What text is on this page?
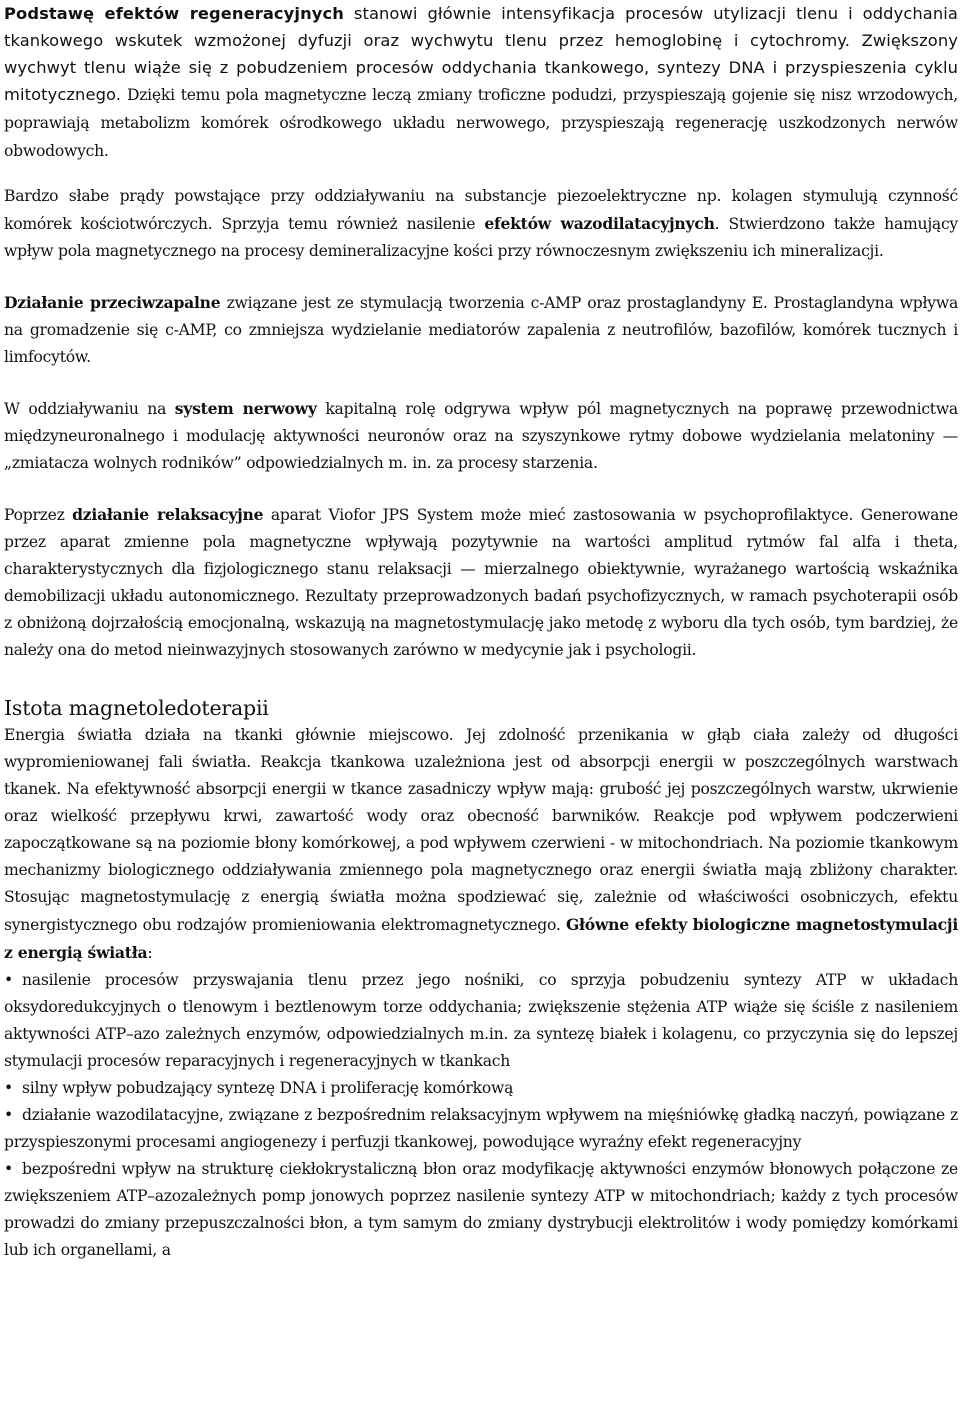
Podstawę efektów regeneracyjnych stanowi głównie intensyfikacja procesów utylizacji tlenu i oddychania tkankowego wskutek wzmożonej dyfuzji oraz wychwytu tlenu przez hemoglobinę i cytochromy. Zwiększony wychwyt tlenu wiąże się z pobudzeniem procesów oddychania tkankowego, syntezy DNA i przyspieszenia cyklu mitotycznego. Dzięki temu pola magnetyczne leczą zmiany troficzne podudzi, przyspieszają gojenie się nisz wrzodowych, poprawiają metabolizm komórek ośrodkowego układu nerwowego, przyspieszają regenerację uszkodzonych nerwów obwodowych.

Bardzo słabe prądy powstające przy oddziaływaniu na substancje piezoelektryczne np. kolagen stymulują czynność komórek kościotwórczych. Sprzyja temu również nasilenie efektów wazodilatacyjnych. Stwierdzono także hamujący wpływ pola magnetycznego na procesy demineralizacyjne kości przy równoczesnym zwiększeniu ich mineralizacji.

Działanie przeciwzapalne związane jest ze stymulacją tworzenia c-AMP oraz prostaglandyny E. Prostaglandyna wpływa na gromadzenie się c-AMP, co zmniejsza wydzielanie mediatorów zapalenia z neutrofilów, bazofilów, komórek tucznych i limfocytów.

W oddziaływaniu na system nerwowy kapitalną rolę odgrywa wpływ pól magnetycznych na poprawę przewodnictwa międzyneuronalnego i modulację aktywności neuronów oraz na szyszynkowe rytmy dobowe wydzielania melatoniny — „zmiatacza wolnych rodników” odpowiedzialnych m. in. za procesy starzenia.

Poprzez działanie relaksacyjne aparat Viofor JPS System może mieć zastosowania w psychoprofilaktyce. Generowane przez aparat zmienne pola magnetyczne wpływają pozytywnie na wartości amplitud rytmów fal alfa i theta, charakterystycznych dla fizjologicznego stanu relaksacji — mierzalnego obiektywnie, wyrażanego wartością wskaźnika demobilizacji układu autonomicznego. Rezultaty przeprowadzonych badań psychofizycznych, w ramach psychoterapii osób z obniżoną dojrzałością emocjonalną, wskazują na magnetostymulację jako metodę z wyboru dla tych osób, tym bardziej, że należy ona do metod nieinwazyjnych stosowanych zarówno w medycynie jak i psychologii.

Istota magnetoledoterapii

Energia światła działa na tkanki głównie miejscowo. Jej zdolność przenikania w głąb ciała zależy od długości wypromieniowanej fali światła. Reakcja tkankowa uzależniona jest od absorpcji energii w poszczególnych warstwach tkanek. Na efektywność absorpcji energii w tkance zasadniczy wpływ mają: grubość jej poszczególnych warstw, ukrwienie oraz wielkość przepływu krwi, zawartość wody oraz obecność barwników. Reakcje pod wpływem podczerwieni zapoczątkowane są na poziomie błony komórkowej, a pod wpływem czerwieni - w mitochondriach. Na poziomie tkankowym mechanizmy biologicznego oddziaływania zmiennego pola magnetycznego oraz energii światła mają zbliżony charakter. Stosując magnetostymulację z energią światła można spodziewać się, zależnie od właściwości osobniczych, efektu synergistycznego obu rodzajów promieniowania elektromagnetycznego. Główne efekty biologiczne magnetostymulacji z energią światła:

• nasilenie procesów przyswajania tlenu przez jego nośniki, co sprzyja pobudzeniu syntezy ATP w układach oksydoredukcyjnych o tlenowym i beztlenowym torze oddychania; zwiększenie stężenia ATP wiąże się ściśle z nasileniem aktywności ATP–azo zależnych enzymów, odpowiedzialnych m.in. za syntezę białek i kolagenu, co przyczynia się do lepszej stymulacji procesów reparacyjnych i regeneracyjnych w tkankach
• silny wpływ pobudzający syntezę DNA i proliferację komórkową
• działanie wazodilatacyjne, związane z bezpośrednim relaksacyjnym wpływem na mięśniówkę gładką naczyń, powiązane z przyspieszonymi procesami angiogenezy i perfuzji tkankowej, powodujące wyraźny efekt regeneracyjny
• bezpośredni wpływ na strukturę ciekłokrystaliczną błon oraz modyfikację aktywności enzymów błonowych połączone ze zwiększeniem ATP–azozależnych pomp jonowych poprzez nasilenie syntezy ATP w mitochondriach; każdy z tych procesów prowadzi do zmiany przepuszczalności błon, a tym samym do zmiany dystrybucji elektrolitów i wody pomiędzy komórkami lub ich organellami, a
